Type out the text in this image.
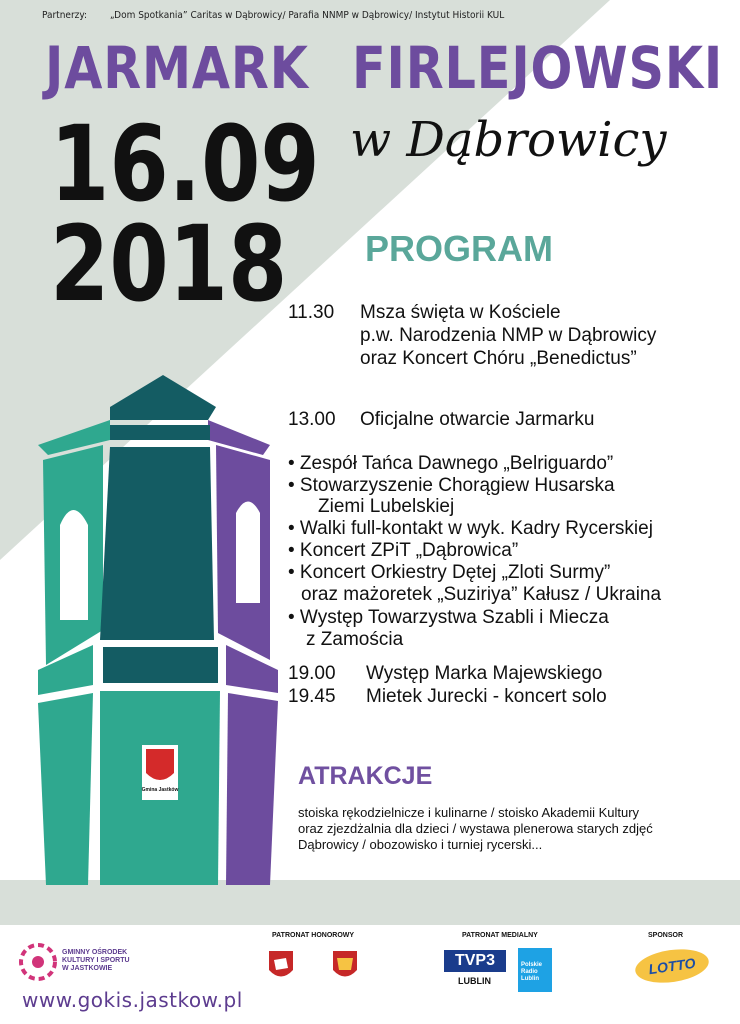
Partnerzy: „Dom Spotkania” Caritas w Dąbrowicy/ Parafia NNMP w Dąbrowicy/ Instytut Historii KUL
JARMARK FIRLEJOWSKI
16.09
2018
w Dąbrowicy
PROGRAM
11.30 Msza święta w Kościele
p.w. Narodzenia NMP w Dąbrowicy
oraz Koncert Chóru „Benedictus”
13.00 Oficjalne otwarcie Jarmarku
• Zespół Tańca Dawnego „Belriguardo”
• Stowarzyszenie Chorągiew Husarska
Ziemi Lubelskiej
• Walki full-kontakt w wyk. Kadry Rycerskiej
• Koncert ZPiT „Dąbrowica”
• Koncert Orkiestry Dętej „Zloti Surmy”
oraz mażoretek „Suziriya” Kałusz / Ukraina
• Występ Towarzystwa Szabli i Miecza
z Zamościa
19.00 Występ Marka Majewskiego
19.45 Mietek Jurecki - koncert solo
Gmina Jastków	ATRAKCJE
stoiska rękodzielnicze i kulinarne / stoisko Akademii Kultury
oraz zjezdżalnia dla dzieci / wystawa plenerowa starych zdjęć
Dąbrowicy / obozowisko i turniej rycerski...
GMINNY OŚRODEK
KULTURY I SPORTU
W JASTKOWIE
www.gokis.jastkow.pl
PATRONAT HONOROWY	PATRONAT MEDIALNY
TVP3
LUBLIN
Polskie
Radio
Lublin
SPONSOR
LOTTO
